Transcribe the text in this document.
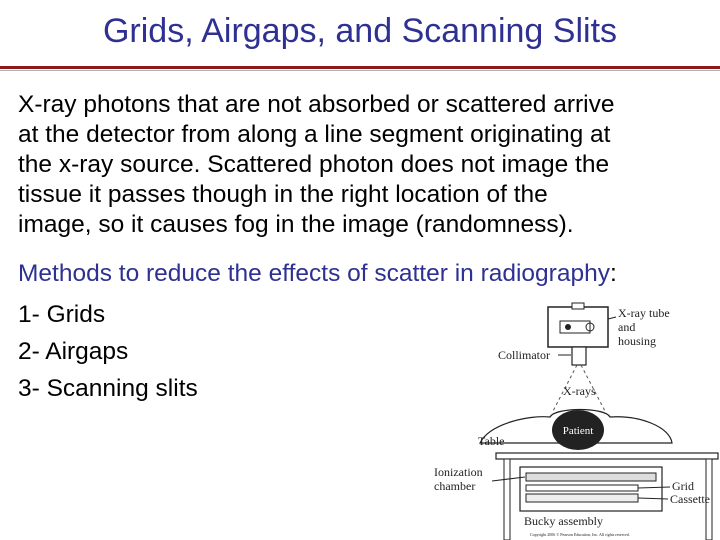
Grids, Airgaps, and Scanning Slits
X-ray photons that are not absorbed or scattered arrive
at the detector from along a line segment originating at
the x-ray source. Scattered photon does not image the
tissue it passes though in the right location of the
image, so it causes fog in the image (randomness).
Methods to reduce the effects of scatter in radiography:
1- Grids
2- Airgaps
3- Scanning slits
X-ray tube
and
housing
Collimator
X-rays
Patient
Table
Ionization
chamber	Grid
Cassette
Bucky assembly
Copyright 2006 © Pearson Education, Inc. All rights reserved.
